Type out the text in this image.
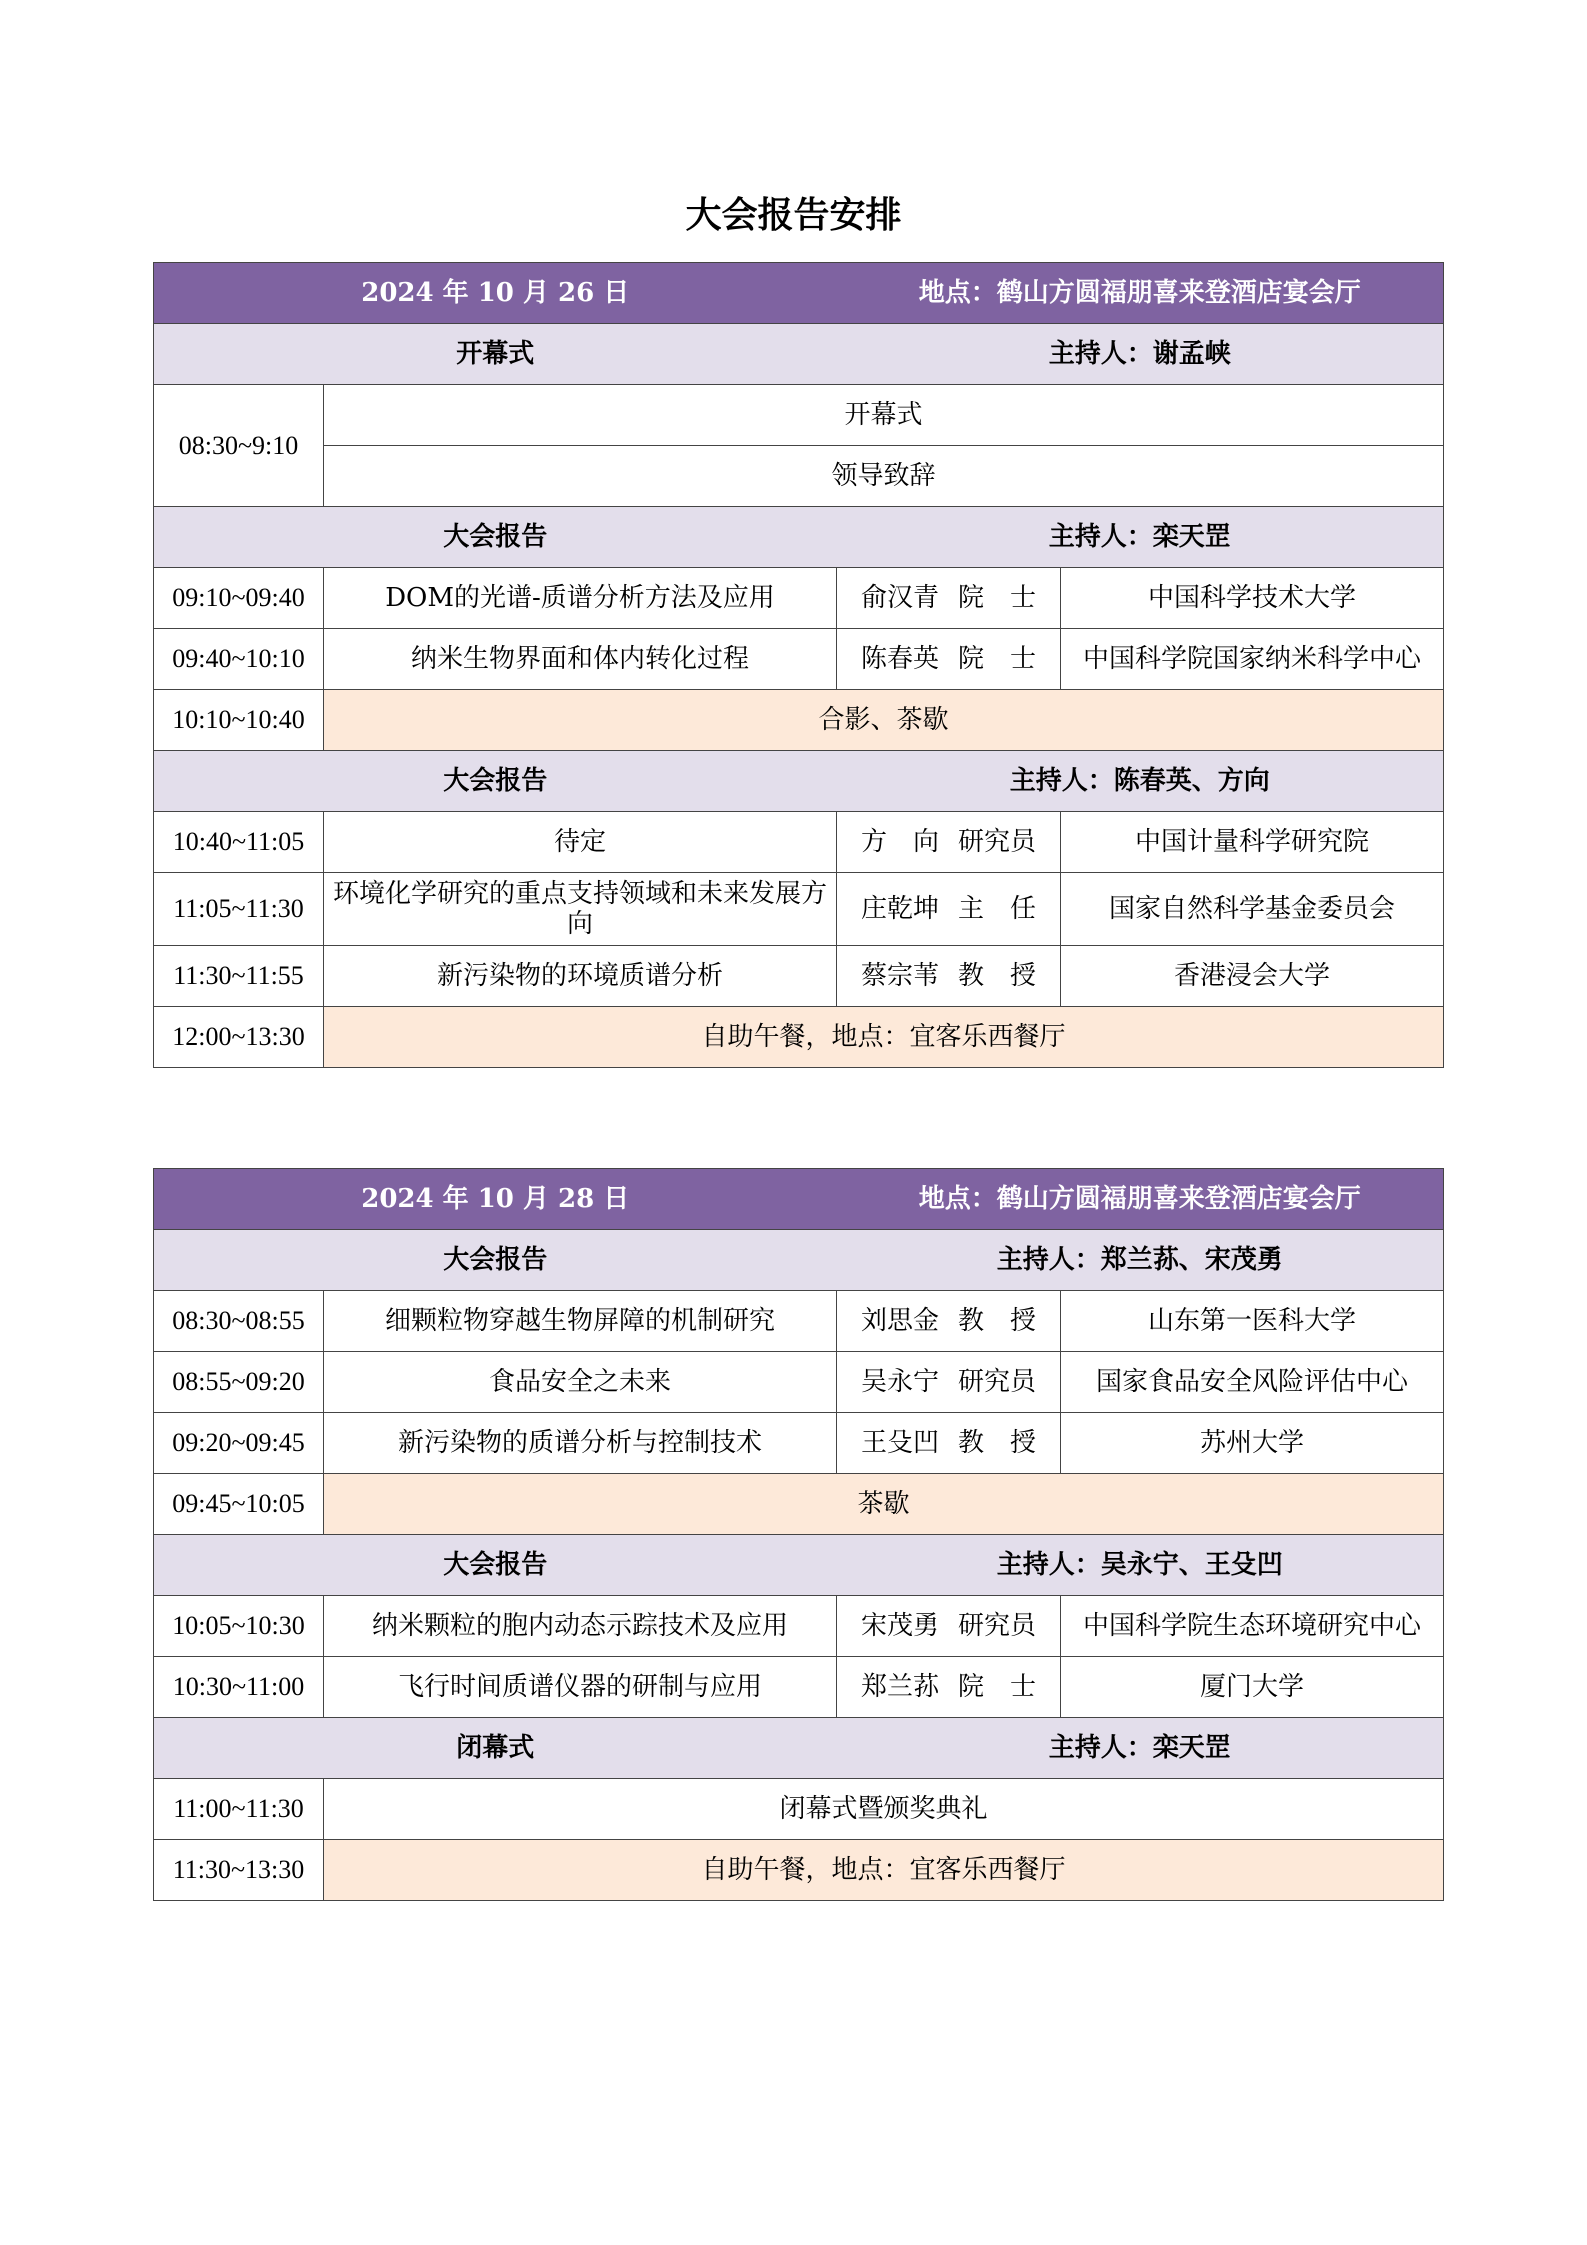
大会报告安排
2024 年 10 月 26 日		地点：鹤山方圆福朋喜来登酒店宴会厅	
开幕式		主持人：谢孟峡	
08:30~9:10	开幕式		
	领导致辞		
大会报告		主持人：栾天罡	
09:10~09:40	DOM的光谱-质谱分析方法及应用	俞汉青 院　士	中国科学技术大学
09:40~10:10	纳米生物界面和体内转化过程	陈春英 院　士	中国科学院国家纳米科学中心
10:10~10:40	合影、茶歇		
大会报告		主持人：陈春英、方向	
10:40~11:05	待定	方　向 研究员	中国计量科学研究院
11:05~11:30	环境化学研究的重点支持领域和未来发展方向	庄乾坤 主　任	国家自然科学基金委员会
11:30~11:55	新污染物的环境质谱分析	蔡宗苇 教　授	香港浸会大学
12:00~13:30	自助午餐，地点：宜客乐西餐厅		
2024 年 10 月 28 日		地点：鹤山方圆福朋喜来登酒店宴会厅	
大会报告		主持人：郑兰荪、宋茂勇	
08:30~08:55	细颗粒物穿越生物屏障的机制研究	刘思金 教　授	山东第一医科大学
08:55~09:20	食品安全之未来	吴永宁 研究员	国家食品安全风险评估中心
09:20~09:45	新污染物的质谱分析与控制技术	王殳凹 教　授	苏州大学
09:45~10:05	茶歇		
大会报告		主持人：吴永宁、王殳凹	
10:05~10:30	纳米颗粒的胞内动态示踪技术及应用	宋茂勇 研究员	中国科学院生态环境研究中心
10:30~11:00	飞行时间质谱仪器的研制与应用	郑兰荪 院　士	厦门大学
闭幕式		主持人：栾天罡	
11:00~11:30	闭幕式暨颁奖典礼		
11:30~13:30	自助午餐，地点：宜客乐西餐厅		
